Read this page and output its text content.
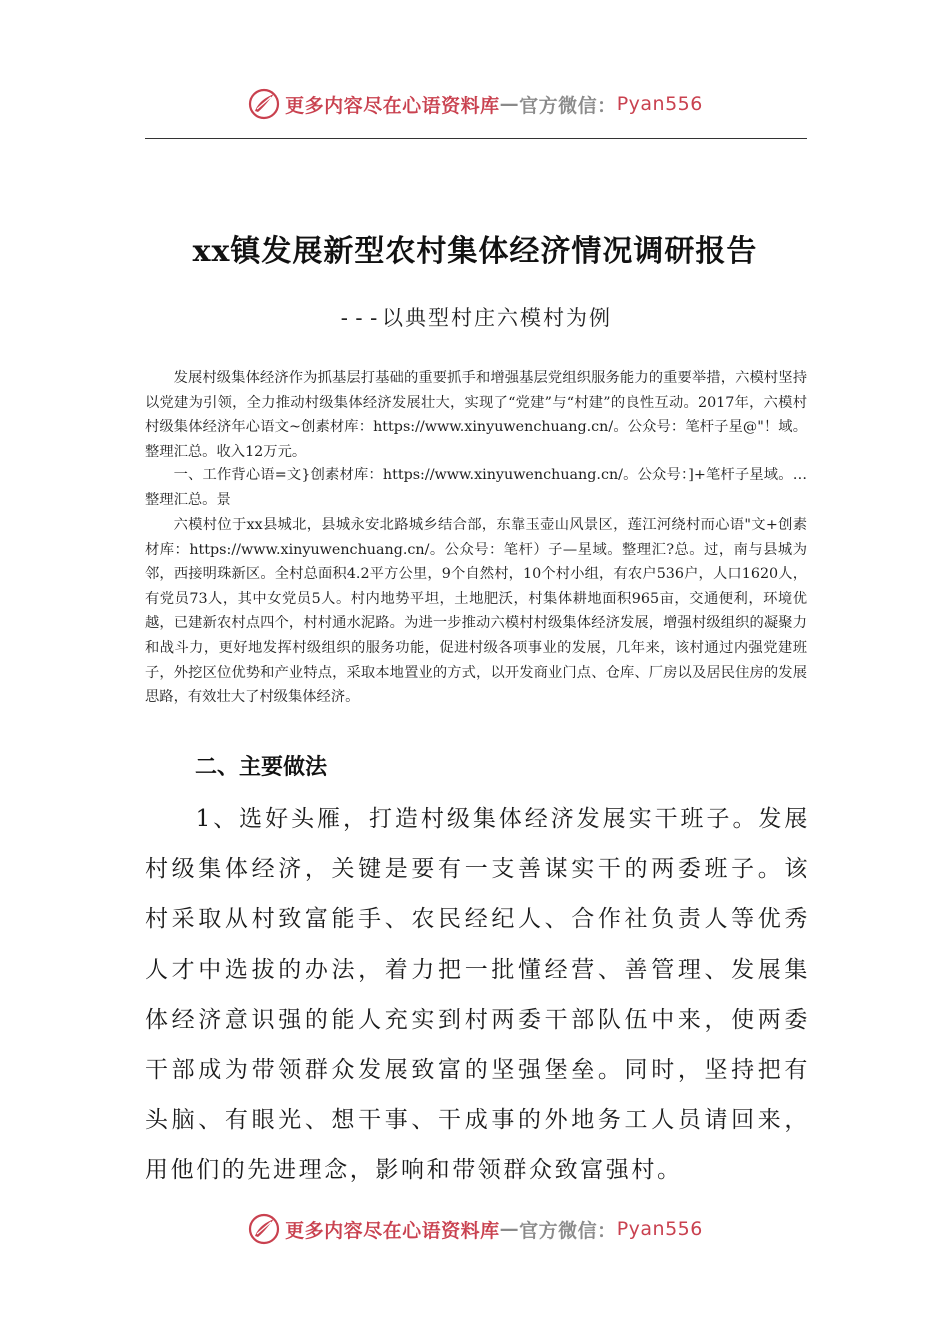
更多内容尽在心语资料库 — 官方微信： Pyan556
xx镇发展新型农村集体经济情况调研报告
---以典型村庄六模村为例

发展村级集体经济作为抓基层打基础的重要抓手和增强基层党组织服务能力的重要举措，六模村坚持以党建为引领，全力推动村级集体经济发展壮大，实现了“党建”与“村建”的良性互动。2017年，六模村村级集体经济年心语文~创素材库：https://www.xinyuwenchuang.cn/。公众号：笔杆子星@"！域。整理汇总。收入12万元。

一、工作背心语=文}创素材库：https://www.xinyuwenchuang.cn/。公众号：]+笔杆子星域。…整理汇总。景

六模村位于xx县城北，县城永安北路城乡结合部，东靠玉壶山风景区，莲江河绕村而心语"文+创素材库：https://www.xinyuwenchuang.cn/。公众号：笔杆）子—星域。整理汇?总。过，南与县城为邻，西接明珠新区。全村总面积4.2平方公里，9个自然村，10个村小组，有农户536户，人口1620人，有党员73人，其中女党员5人。村内地势平坦，土地肥沃，村集体耕地面积965亩，交通便利，环境优越，已建新农村点四个，村村通水泥路。为进一步推动六模村村级集体经济发展，增强村级组织的凝聚力和战斗力，更好地发挥村级组织的服务功能，促进村级各项事业的发展，几年来，该村通过内强党建班子，外挖区位优势和产业特点，采取本地置业的方式，以开发商业门点、仓库、厂房以及居民住房的发展思路，有效壮大了村级集体经济。

二、主要做法

1、选好头雁，打造村级集体经济发展实干班子。发展村级集体经济，关键是要有一支善谋实干的两委班子。该村采取从村致富能手、农民经纪人、合作社负责人等优秀人才中选拔的办法，着力把一批懂经营、善管理、发展集体经济意识强的能人充实到村两委干部队伍中来，使两委干部成为带领群众发展致富的坚强堡垒。同时，坚持把有头脑、有眼光、想干事、干成事的外地务工人员请回来，用他们的先进理念，影响和带领群众致富强村。

更多内容尽在心语资料库 — 官方微信： Pyan556
